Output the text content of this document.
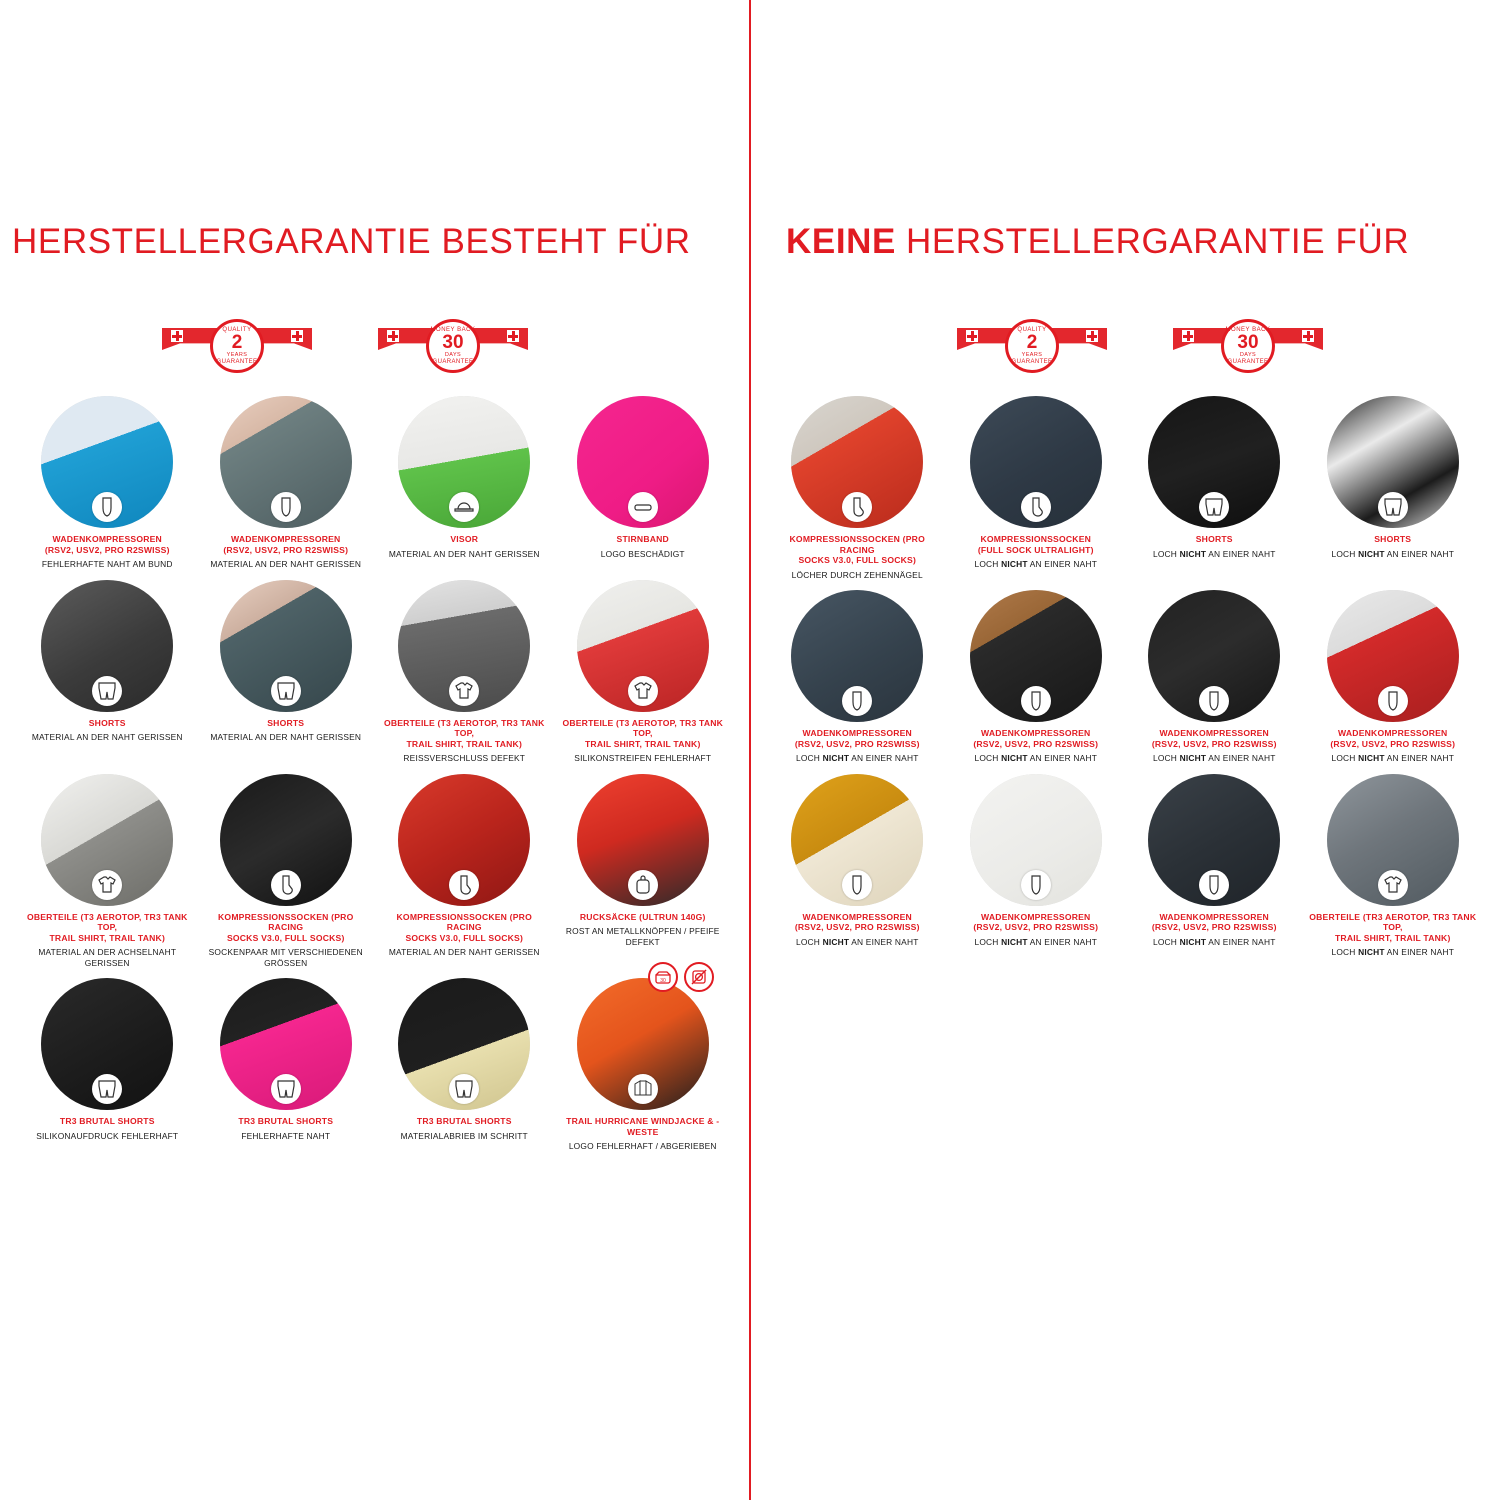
HERSTELLERGARANTIE BESTEHT FÜR
QUALITY
2
YEARS
GUARANTEE
MONEY BACK
30
DAYS
GUARANTEE
WADENKOMPRESSOREN
(RSV2, USV2, PRO R2SWISS)
FEHLERHAFTE NAHT AM BUND
WADENKOMPRESSOREN
(RSV2, USV2, PRO R2SWISS)
MATERIAL AN DER NAHT GERISSEN
VISOR
MATERIAL AN DER NAHT GERISSEN
STIRNBAND
LOGO BESCHÄDIGT
SHORTS
MATERIAL AN DER NAHT GERISSEN
SHORTS
MATERIAL AN DER NAHT GERISSEN
OBERTEILE (T3 AEROTOP, TR3 TANK TOP,
TRAIL SHIRT, TRAIL TANK)
REISSVERSCHLUSS DEFEKT
OBERTEILE (T3 AEROTOP, TR3 TANK TOP,
TRAIL SHIRT, TRAIL TANK)
SILIKONSTREIFEN FEHLERHAFT
OBERTEILE (T3 AEROTOP, TR3 TANK TOP,
TRAIL SHIRT, TRAIL TANK)
MATERIAL AN DER ACHSELNAHT GERISSEN
KOMPRESSIONSSOCKEN (PRO RACING
SOCKS V3.0, FULL SOCKS)
SOCKENPAAR MIT VERSCHIEDENEN GRÖSSEN
KOMPRESSIONSSOCKEN (PRO RACING
SOCKS V3.0, FULL SOCKS)
MATERIAL AN DER NAHT GERISSEN
RUCKSÄCKE (ULTRUN 140G)
ROST AN METALLKNÖPFEN / PFEIFE DEFEKT
TR3 BRUTAL SHORTS
SILIKONAUFDRUCK FEHLERHAFT
TR3 BRUTAL SHORTS
FEHLERHAFTE NAHT
TR3 BRUTAL SHORTS
MATERIALABRIEB IM SCHRITT
TRAIL HURRICANE WINDJACKE & -WESTE
LOGO FEHLERHAFT / ABGERIEBEN
30
KEINE HERSTELLERGARANTIE FÜR
QUALITY
2
YEARS
GUARANTEE
MONEY BACK
30
DAYS
GUARANTEE
KOMPRESSIONSSOCKEN (PRO RACING
SOCKS V3.0, FULL SOCKS)
LÖCHER DURCH ZEHENNÄGEL
KOMPRESSIONSSOCKEN
(FULL SOCK ULTRALIGHT)
LOCH NICHT AN EINER NAHT
SHORTS
LOCH NICHT AN EINER NAHT
SHORTS
LOCH NICHT AN EINER NAHT
WADENKOMPRESSOREN
(RSV2, USV2, PRO R2SWISS)
LOCH NICHT AN EINER NAHT
WADENKOMPRESSOREN
(RSV2, USV2, PRO R2SWISS)
LOCH NICHT AN EINER NAHT
WADENKOMPRESSOREN
(RSV2, USV2, PRO R2SWISS)
LOCH NICHT AN EINER NAHT
WADENKOMPRESSOREN
(RSV2, USV2, PRO R2SWISS)
LOCH NICHT AN EINER NAHT
WADENKOMPRESSOREN
(RSV2, USV2, PRO R2SWISS)
LOCH NICHT AN EINER NAHT
WADENKOMPRESSOREN
(RSV2, USV2, PRO R2SWISS)
LOCH NICHT AN EINER NAHT
WADENKOMPRESSOREN
(RSV2, USV2, PRO R2SWISS)
LOCH NICHT AN EINER NAHT
OBERTEILE (TR3 AEROTOP, TR3 TANK TOP,
TRAIL SHIRT, TRAIL TANK)
LOCH NICHT AN EINER NAHT
